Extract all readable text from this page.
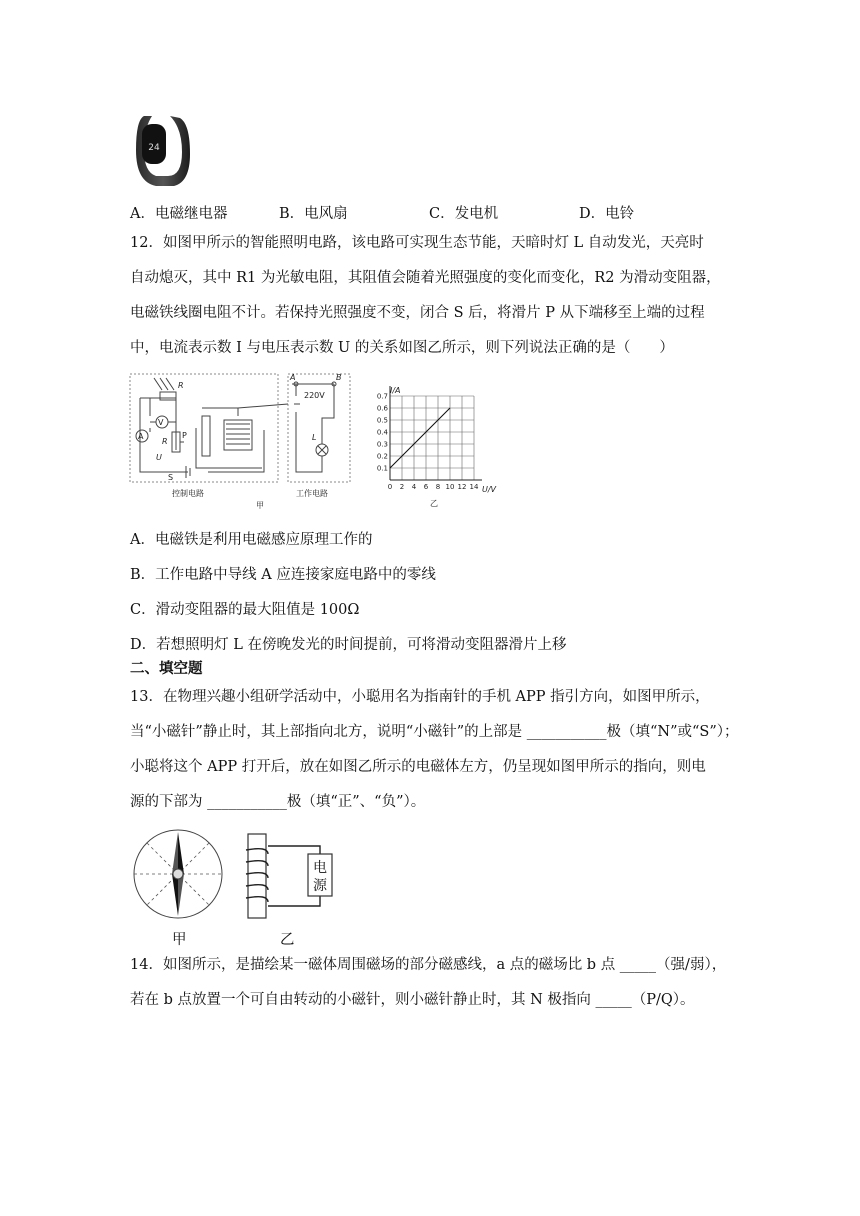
24
A．电磁继电器	B．电风扇	C．发电机	D．电铃
12．如图甲所示的智能照明电路，该电路可实现生态节能，天暗时灯 L 自动发光，天亮时
自动熄灭，其中 R1 为光敏电阻，其阻值会随着光照强度的变化而变化，R2 为滑动变阻器，
电磁铁线圈电阻不计。若保持光照强度不变，闭合 S 后，将滑片 P 从下端移至上端的过程
中，电流表示数 I 与电压表示数 U 的关系如图乙所示，则下列说法正确的是（　　）
R
V
A
R
P
U
S
A	B
220V
L
控制电路	工作电路
甲
I/A
U/V
乙
0 2 4 6 8 10 12 14
0.1
0.2
0.3
0.4
0.5
0.6
0.7
A．电磁铁是利用电磁感应原理工作的
B．工作电路中导线 A 应连接家庭电路中的零线
C．滑动变阻器的最大阻值是 100Ω
D．若想照明灯 L 在傍晚发光的时间提前，可将滑动变阻器滑片上移
二、填空题
13．在物理兴趣小组研学活动中，小聪用名为指南针的手机 APP 指引方向，如图甲所示，
当“小磁针”静止时，其上部指向北方，说明“小磁针”的上部是 ___________极（填“N”或“S”）；
小聪将这个 APP 打开后，放在如图乙所示的电磁体左方，仍呈现如图甲所示的指向，则电
源的下部为 ___________极（填“正”、“负”）。
甲
电
源
乙
14．如图所示，是描绘某一磁体周围磁场的部分磁感线，a 点的磁场比 b 点 _____（强/弱），
若在 b 点放置一个可自由转动的小磁针，则小磁针静止时，其 N 极指向 _____（P/Q）。
